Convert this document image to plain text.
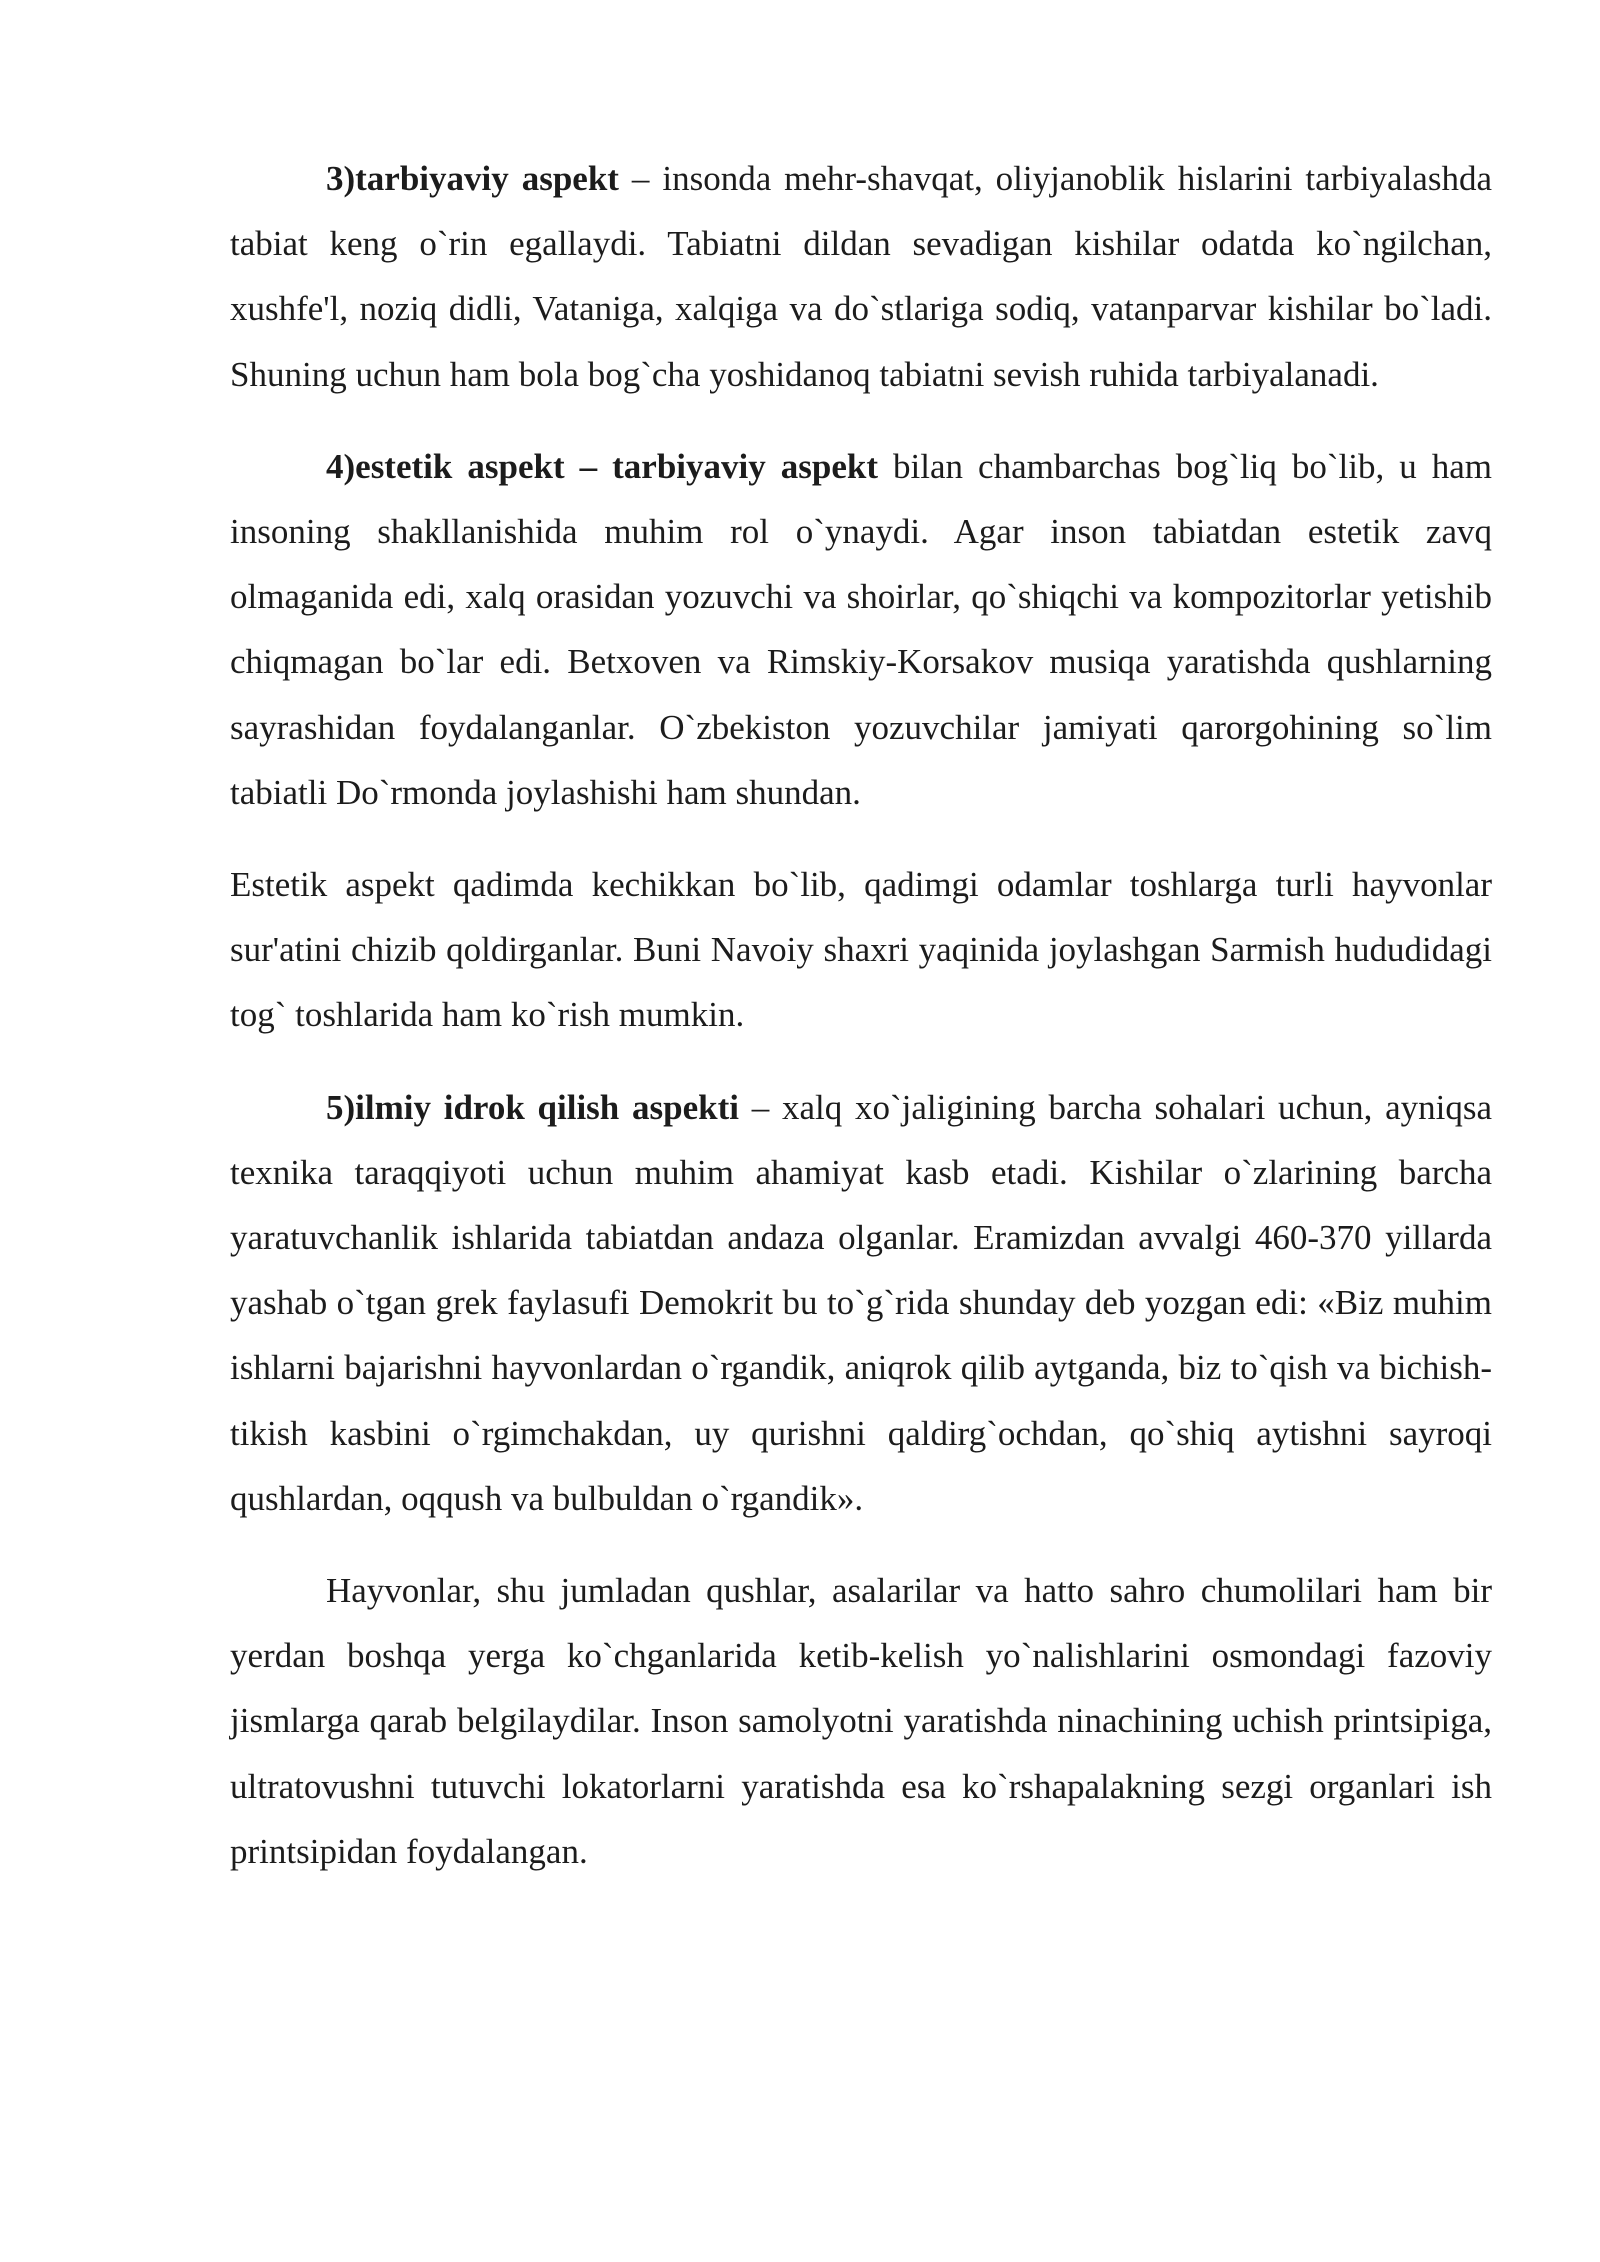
3)tarbiyaviy aspekt – insonda mehr-shavqat, oliyjanoblik hislarini tarbiyalashda tabiat keng o`rin egallaydi. Tabiatni dildan sevadigan kishilar odatda ko`ngilchan, xushfe'l, noziq didli, Vataniga, xalqiga va do`stlariga sodiq, vatanparvar kishilar bo`ladi. Shuning uchun ham bola bog`cha yoshidanoq tabiatni sevish ruhida tarbiyalanadi.

4)estetik aspekt – tarbiyaviy aspekt bilan chambarchas bog`liq bo`lib, u ham insoning shakllanishida muhim rol o`ynaydi. Agar inson tabiatdan estetik zavq olmaganida edi, xalq orasidan yozuvchi va shoirlar, qo`shiqchi va kompozitorlar yetishib chiqmagan bo`lar edi. Betxoven va Rimskiy-Korsakov musiqa yaratishda qushlarning sayrashidan foydalanganlar. O`zbekiston yozuvchilar jamiyati qarorgohining so`lim tabiatli Do`rmonda joylashishi ham shundan.

Estetik aspekt qadimda kechikkan bo`lib, qadimgi odamlar toshlarga turli hayvonlar sur'atini chizib qoldirganlar. Buni Navoiy shaxri yaqinida joylashgan Sarmish hududidagi tog` toshlarida ham ko`rish mumkin.

5)ilmiy idrok qilish aspekti – xalq xo`jaligining barcha sohalari uchun, ayniqsa texnika taraqqiyoti uchun muhim ahamiyat kasb etadi. Kishilar o`zlarining barcha yaratuvchanlik ishlarida tabiatdan andaza olganlar. Eramizdan avvalgi 460-370 yillarda yashab o`tgan grek faylasufi Demokrit bu to`g`rida shunday deb yozgan edi: «Biz muhim ishlarni bajarishni hayvonlardan o`rgandik, aniqrok qilib aytganda, biz to`qish va bichish-tikish kasbini o`rgimchakdan, uy qurishni qaldirg`ochdan, qo`shiq aytishni sayroqi qushlardan, oqqush va bulbuldan o`rgandik».

Hayvonlar, shu jumladan qushlar, asalarilar va hatto sahro chumolilari ham bir yerdan boshqa yerga ko`chganlarida ketib-kelish yo`nalishlarini osmondagi fazoviy jismlarga qarab belgilaydilar. Inson samolyotni yaratishda ninachining uchish printsipiga, ultratovushni tutuvchi lokatorlarni yaratishda esa ko`rshapalakning sezgi organlari ish printsipidan foydalangan.
